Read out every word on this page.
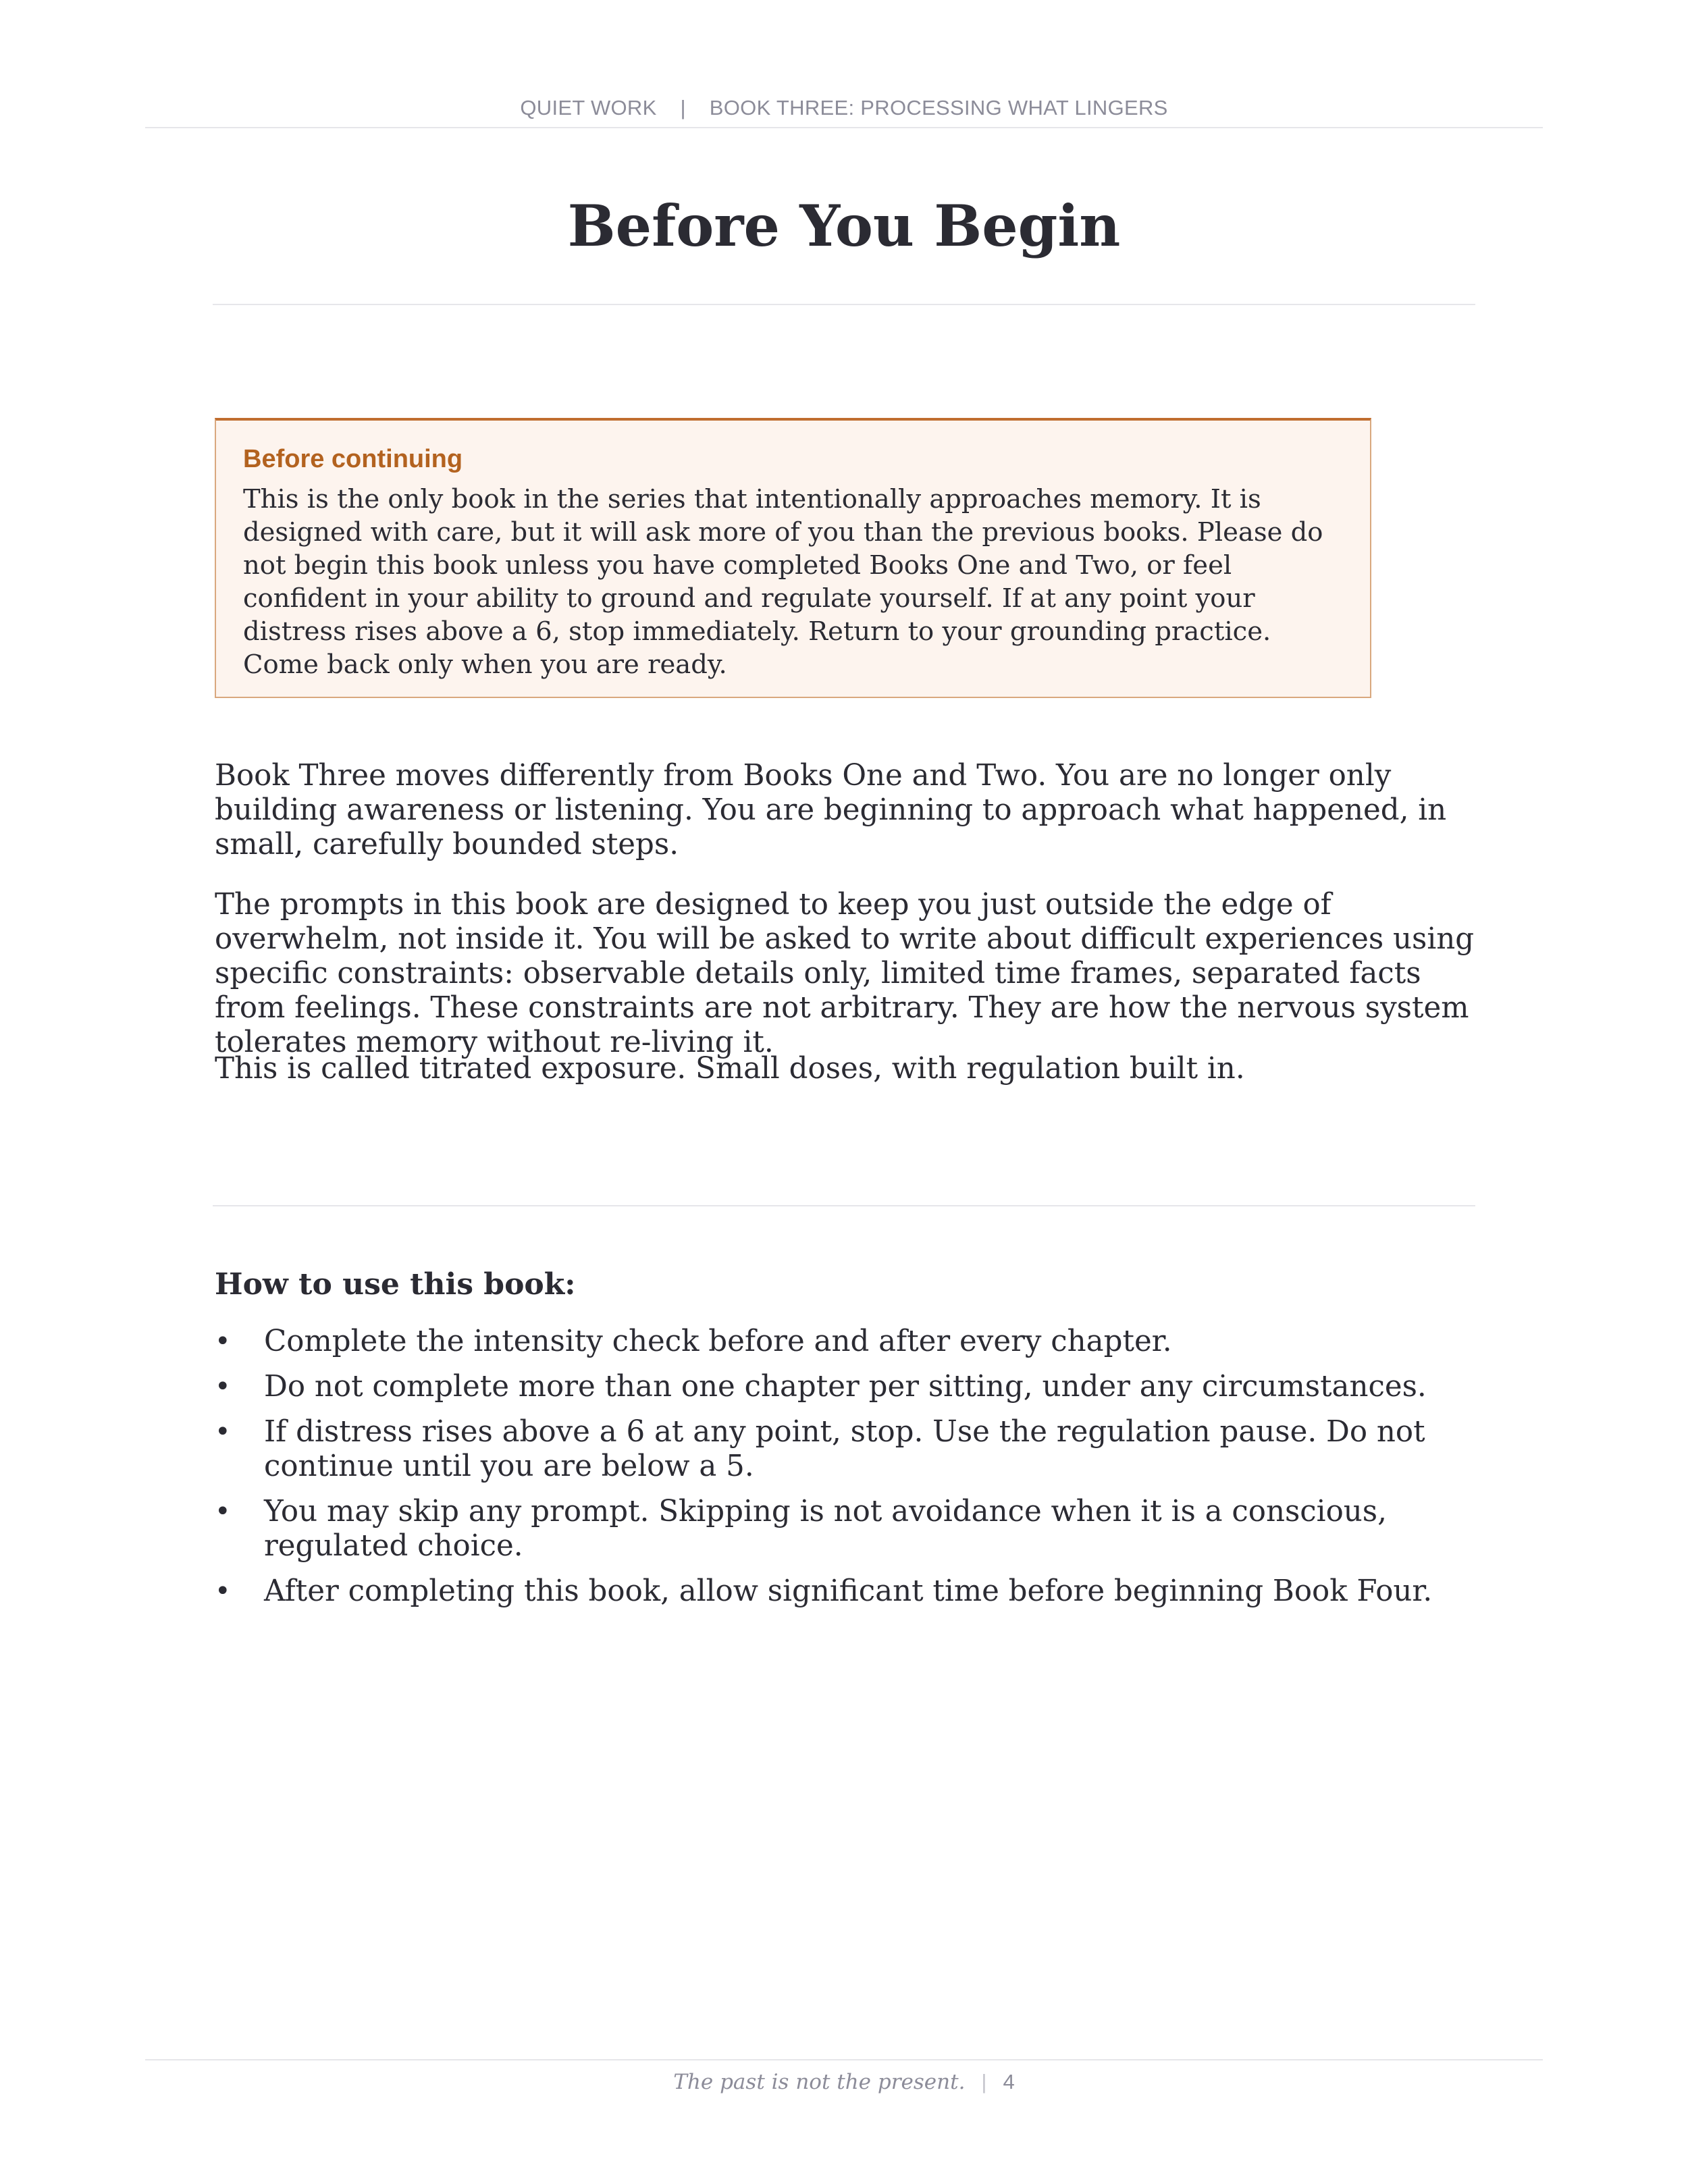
QUIET WORK | BOOK THREE: PROCESSING WHAT LINGERS
Before You Begin

Before continuing

This is the only book in the series that intentionally approaches memory. It is designed with care, but it will ask more of you than the previous books. Please do not begin this book unless you have completed Books One and Two, or feel confident in your ability to ground and regulate yourself. If at any point your distress rises above a 6, stop immediately. Return to your grounding practice. Come back only when you are ready.

Book Three moves differently from Books One and Two. You are no longer only building awareness or listening. You are beginning to approach what happened, in small, carefully bounded steps.

The prompts in this book are designed to keep you just outside the edge of overwhelm, not inside it. You will be asked to write about difficult experiences using specific constraints: observable details only, limited time frames, separated facts from feelings. These constraints are not arbitrary. They are how the nervous system tolerates memory without re-living it.

This is called titrated exposure. Small doses, with regulation built in.

How to use this book:
• Complete the intensity check before and after every chapter.
• Do not complete more than one chapter per sitting, under any circumstances.
• If distress rises above a 6 at any point, stop. Use the regulation pause. Do not continue until you are below a 5.
• You may skip any prompt. Skipping is not avoidance when it is a conscious, regulated choice.
• After completing this book, allow significant time before beginning Book Four.
The past is not the present. | 4
